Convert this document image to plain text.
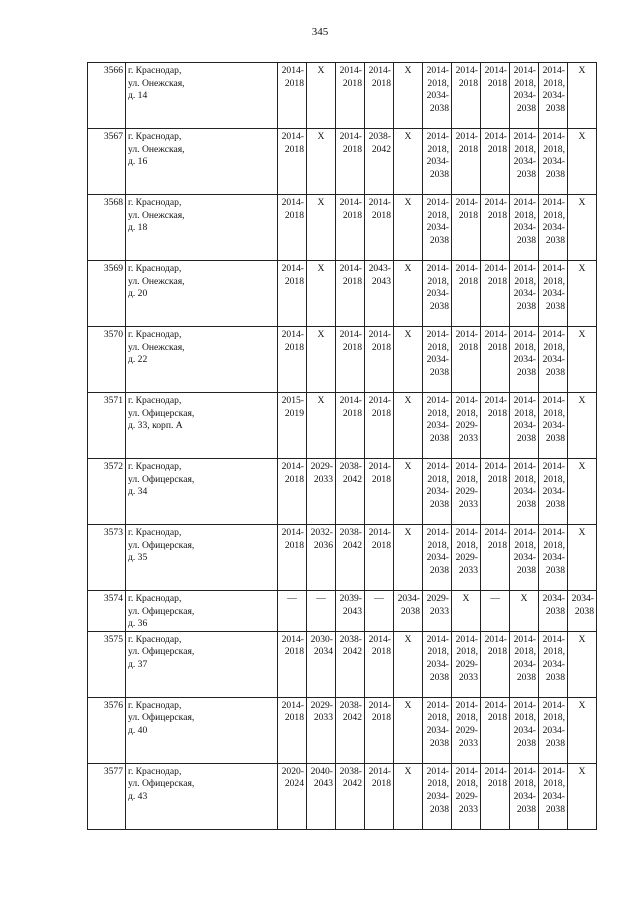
345
3566	г. Краснодар,
ул. Онежская,
д. 14	2014-
2018	Х	2014-
2018	2014-
2018	Х	2014-
2018,
2034-
2038	2014-
2018	2014-
2018	2014-
2018,
2034-
2038	2014-
2018,
2034-
2038	Х
3567	г. Краснодар,
ул. Онежская,
д. 16	2014-
2018	Х	2014-
2018	2038-
2042	Х	2014-
2018,
2034-
2038	2014-
2018	2014-
2018	2014-
2018,
2034-
2038	2014-
2018,
2034-
2038	Х
3568	г. Краснодар,
ул. Онежская,
д. 18	2014-
2018	Х	2014-
2018	2014-
2018	Х	2014-
2018,
2034-
2038	2014-
2018	2014-
2018	2014-
2018,
2034-
2038	2014-
2018,
2034-
2038	Х
3569	г. Краснодар,
ул. Онежская,
д. 20	2014-
2018	Х	2014-
2018	2043-
2043	Х	2014-
2018,
2034-
2038	2014-
2018	2014-
2018	2014-
2018,
2034-
2038	2014-
2018,
2034-
2038	Х
3570	г. Краснодар,
ул. Онежская,
д. 22	2014-
2018	Х	2014-
2018	2014-
2018	Х	2014-
2018,
2034-
2038	2014-
2018	2014-
2018	2014-
2018,
2034-
2038	2014-
2018,
2034-
2038	Х
3571	г. Краснодар,
ул. Офицерская,
д. 33, корп. А	2015-
2019	Х	2014-
2018	2014-
2018	Х	2014-
2018,
2034-
2038	2014-
2018,
2029-
2033	2014-
2018	2014-
2018,
2034-
2038	2014-
2018,
2034-
2038	Х
3572	г. Краснодар,
ул. Офицерская,
д. 34	2014-
2018	2029-
2033	2038-
2042	2014-
2018	Х	2014-
2018,
2034-
2038	2014-
2018,
2029-
2033	2014-
2018	2014-
2018,
2034-
2038	2014-
2018,
2034-
2038	Х
3573	г. Краснодар,
ул. Офицерская,
д. 35	2014-
2018	2032-
2036	2038-
2042	2014-
2018	Х	2014-
2018,
2034-
2038	2014-
2018,
2029-
2033	2014-
2018	2014-
2018,
2034-
2038	2014-
2018,
2034-
2038	Х
3574	г. Краснодар,
ул. Офицерская,
д. 36	—	—	2039-
2043	—	2034-
2038	2029-
2033	Х	—	Х	2034-
2038	2034-
2038
3575	г. Краснодар,
ул. Офицерская,
д. 37	2014-
2018	2030-
2034	2038-
2042	2014-
2018	Х	2014-
2018,
2034-
2038	2014-
2018,
2029-
2033	2014-
2018	2014-
2018,
2034-
2038	2014-
2018,
2034-
2038	Х
3576	г. Краснодар,
ул. Офицерская,
д. 40	2014-
2018	2029-
2033	2038-
2042	2014-
2018	Х	2014-
2018,
2034-
2038	2014-
2018,
2029-
2033	2014-
2018	2014-
2018,
2034-
2038	2014-
2018,
2034-
2038	Х
3577	г. Краснодар,
ул. Офицерская,
д. 43	2020-
2024	2040-
2043	2038-
2042	2014-
2018	Х	2014-
2018,
2034-
2038	2014-
2018,
2029-
2033	2014-
2018	2014-
2018,
2034-
2038	2014-
2018,
2034-
2038	Х
